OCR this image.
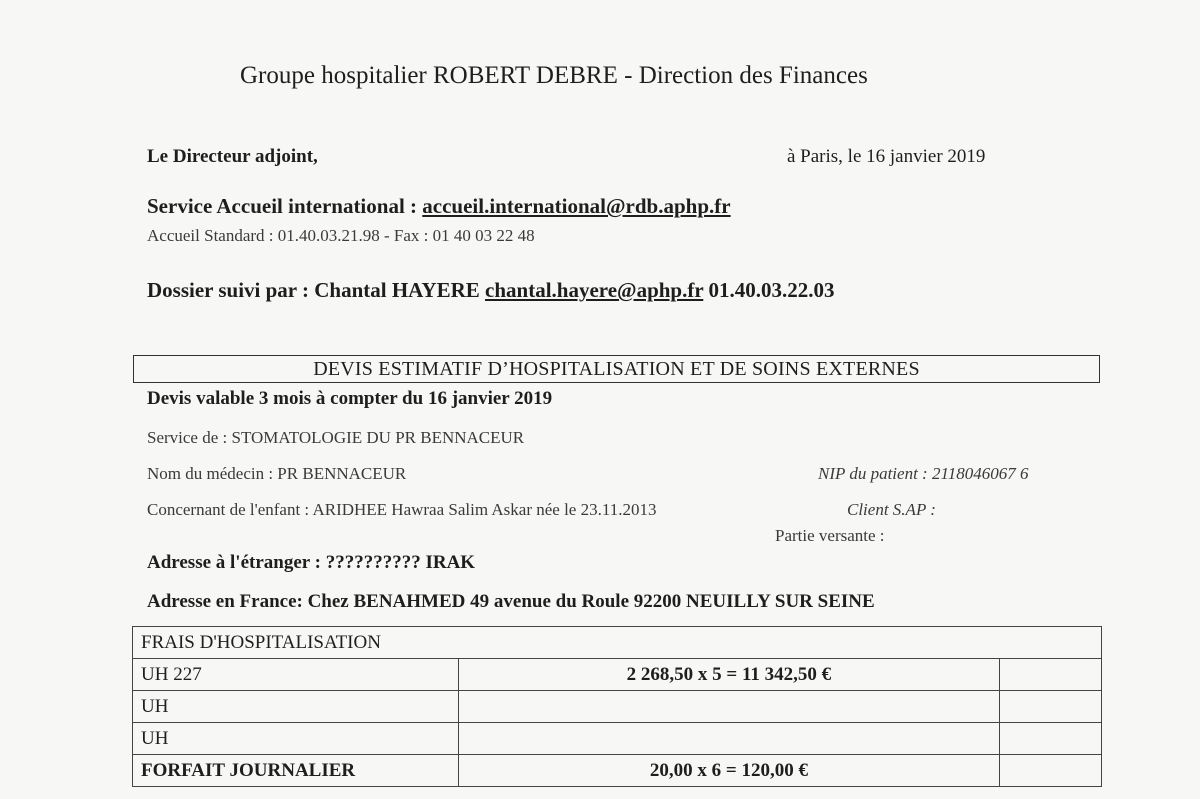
Groupe hospitalier ROBERT DEBRE - Direction des Finances
Le Directeur adjoint,	à Paris, le 16 janvier 2019
Service Accueil international : accueil.international@rdb.aphp.fr
Accueil Standard : 01.40.03.21.98 - Fax : 01 40 03 22 48
Dossier suivi par : Chantal HAYERE chantal.hayere@aphp.fr 01.40.03.22.03
DEVIS ESTIMATIF D’HOSPITALISATION ET DE SOINS EXTERNES
Devis valable 3 mois à compter du 16 janvier 2019
Service de : STOMATOLOGIE DU PR BENNACEUR
Nom du médecin : PR BENNACEUR	NIP du patient : 2118046067 6
Concernant de l'enfant : ARIDHEE Hawraa Salim Askar née le 23.11.2013	Client S.AP :
Partie versante :
Adresse à l'étranger : ?????????? IRAK
Adresse en France: Chez BENAHMED 49 avenue du Roule 92200 NEUILLY SUR SEINE
FRAIS D'HOSPITALISATION		
UH 227	2 268,50 x 5 = 11 342,50 €	
UH		
UH		
FORFAIT JOURNALIER	20,00 x 6 = 120,00 €	
